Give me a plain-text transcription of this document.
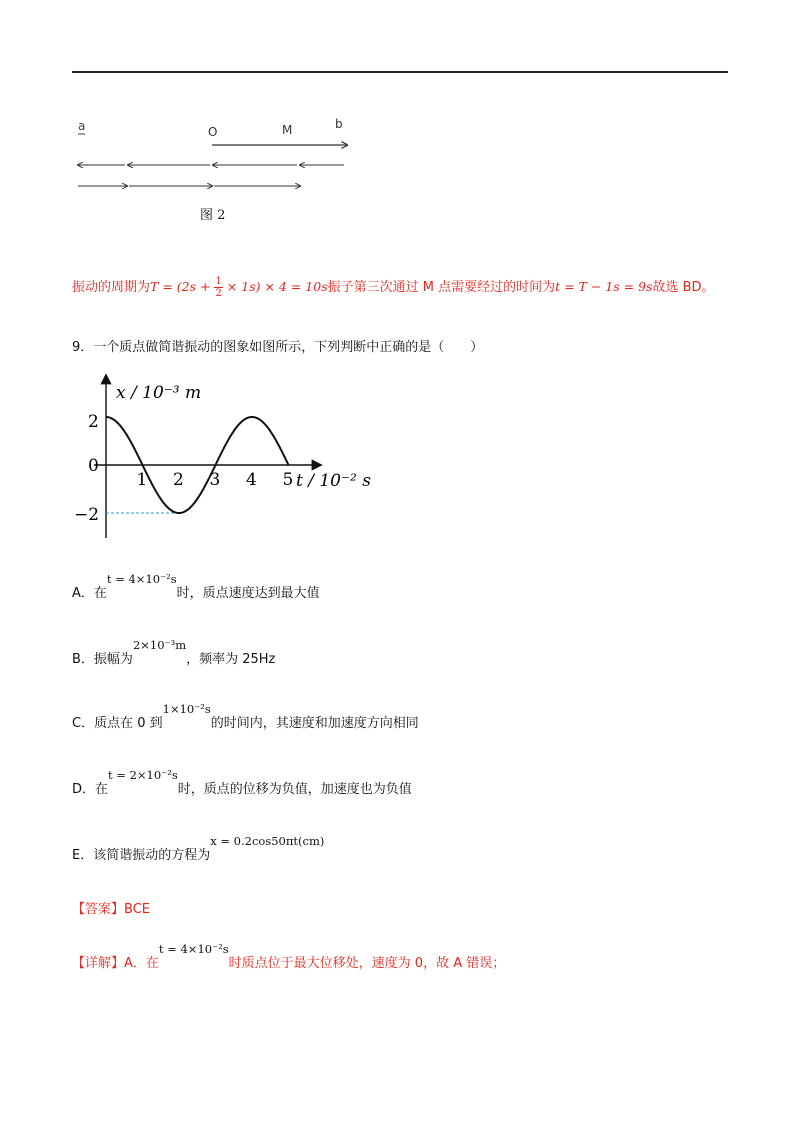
a	O	M	b
图 2
振动的周期为$T = (2s + \frac{1}{2} \times 1s) \times 4 = 10s$振子第三次通过 M 点需要经过的时间为t = T − 1s = 9s故选 BD。
9．一个质点做简谐振动的图象如图所示，下列判断中正确的是（　　）
x / 10⁻³ m
t / 10⁻² s
2
0
−2
1 2 3 4 5
A．在t = 4×10⁻²s时，质点速度达到最大值
B．振幅为2×10⁻³m，频率为 25Hz
C．质点在 0 到1×10⁻²s的时间内，其速度和加速度方向相同
D．在t = 2×10⁻²s时，质点的位移为负值，加速度也为负值
E．该简谐振动的方程为x = 0.2cos50πt(cm)
【答案】BCE
【详解】A．在t = 4×10⁻²s时质点位于最大位移处，速度为 0，故 A 错误；
